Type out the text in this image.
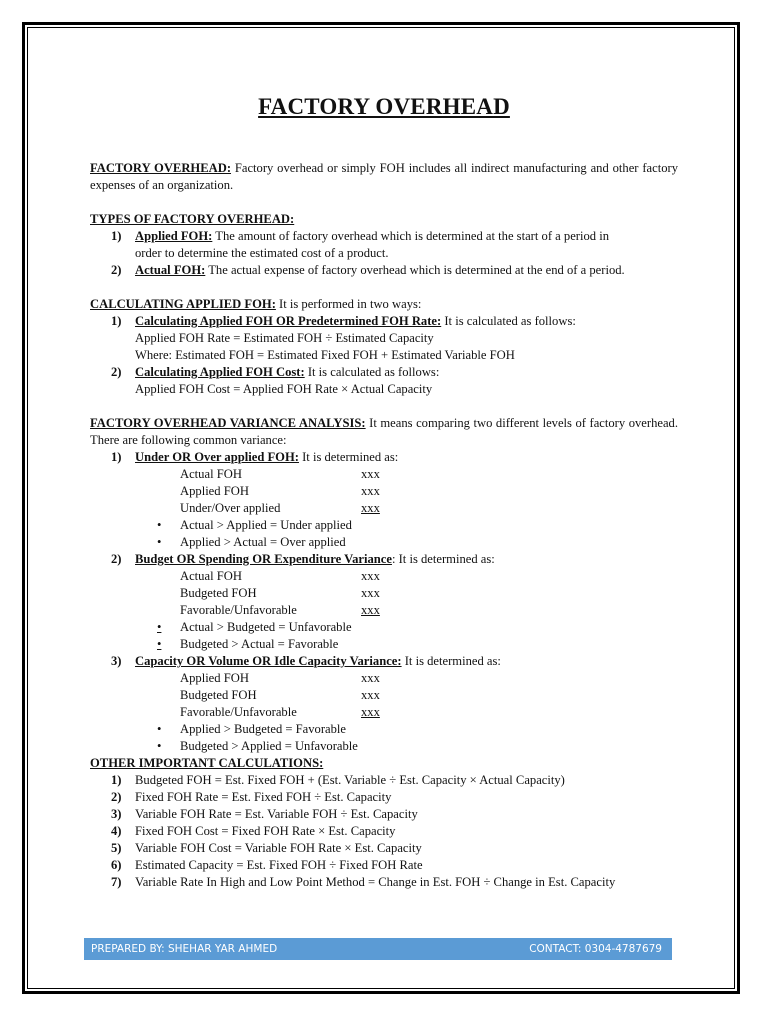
FACTORY OVERHEAD

FACTORY OVERHEAD: Factory overhead or simply FOH includes all indirect manufacturing and other factory expenses of an organization.

TYPES OF FACTORY OVERHEAD:

1)	Applied FOH: The amount of factory overhead which is determined at the start of a period in

order to determine the estimated cost of a product.

2)	Actual FOH: The actual expense of factory overhead which is determined at the end of a period.

CALCULATING APPLIED FOH: It is performed in two ways:

1)	Calculating Applied FOH OR Predetermined FOH Rate: It is calculated as follows:

Applied FOH Rate = Estimated FOH ÷ Estimated Capacity

Where: Estimated FOH = Estimated Fixed FOH + Estimated Variable FOH

2)	Calculating Applied FOH Cost: It is calculated as follows:

Applied FOH Cost = Applied FOH Rate × Actual Capacity

FACTORY OVERHEAD VARIANCE ANALYSIS: It means comparing two different levels of factory overhead. There are following common variance:

1)	Under OR Over applied FOH: It is determined as:
Actual FOH	xxx
Applied FOH	xxx
Under/Over applied	xxx
•	Actual > Applied = Under applied
•	Applied > Actual = Over applied
2)	Budget OR Spending OR Expenditure Variance: It is determined as:
Actual FOH	xxx
Budgeted FOH	xxx
Favorable/Unfavorable	xxx
•	Actual > Budgeted = Unfavorable
•	Budgeted > Actual = Favorable
3)	Capacity OR Volume OR Idle Capacity Variance: It is determined as:
Applied FOH	xxx
Budgeted FOH	xxx
Favorable/Unfavorable	xxx
•	Applied > Budgeted = Favorable
•	Budgeted > Applied = Unfavorable

OTHER IMPORTANT CALCULATIONS:

1)	Budgeted FOH = Est. Fixed FOH + (Est. Variable ÷ Est. Capacity × Actual Capacity)
2)	Fixed FOH Rate = Est. Fixed FOH ÷ Est. Capacity
3)	Variable FOH Rate = Est. Variable FOH ÷ Est. Capacity
4)	Fixed FOH Cost = Fixed FOH Rate × Est. Capacity
5)	Variable FOH Cost = Variable FOH Rate × Est. Capacity
6)	Estimated Capacity = Est. Fixed FOH ÷ Fixed FOH Rate
7)	Variable Rate In High and Low Point Method = Change in Est. FOH ÷ Change in Est. Capacity
PREPARED BY: SHEHAR YAR AHMED	CONTACT: 0304-4787679
